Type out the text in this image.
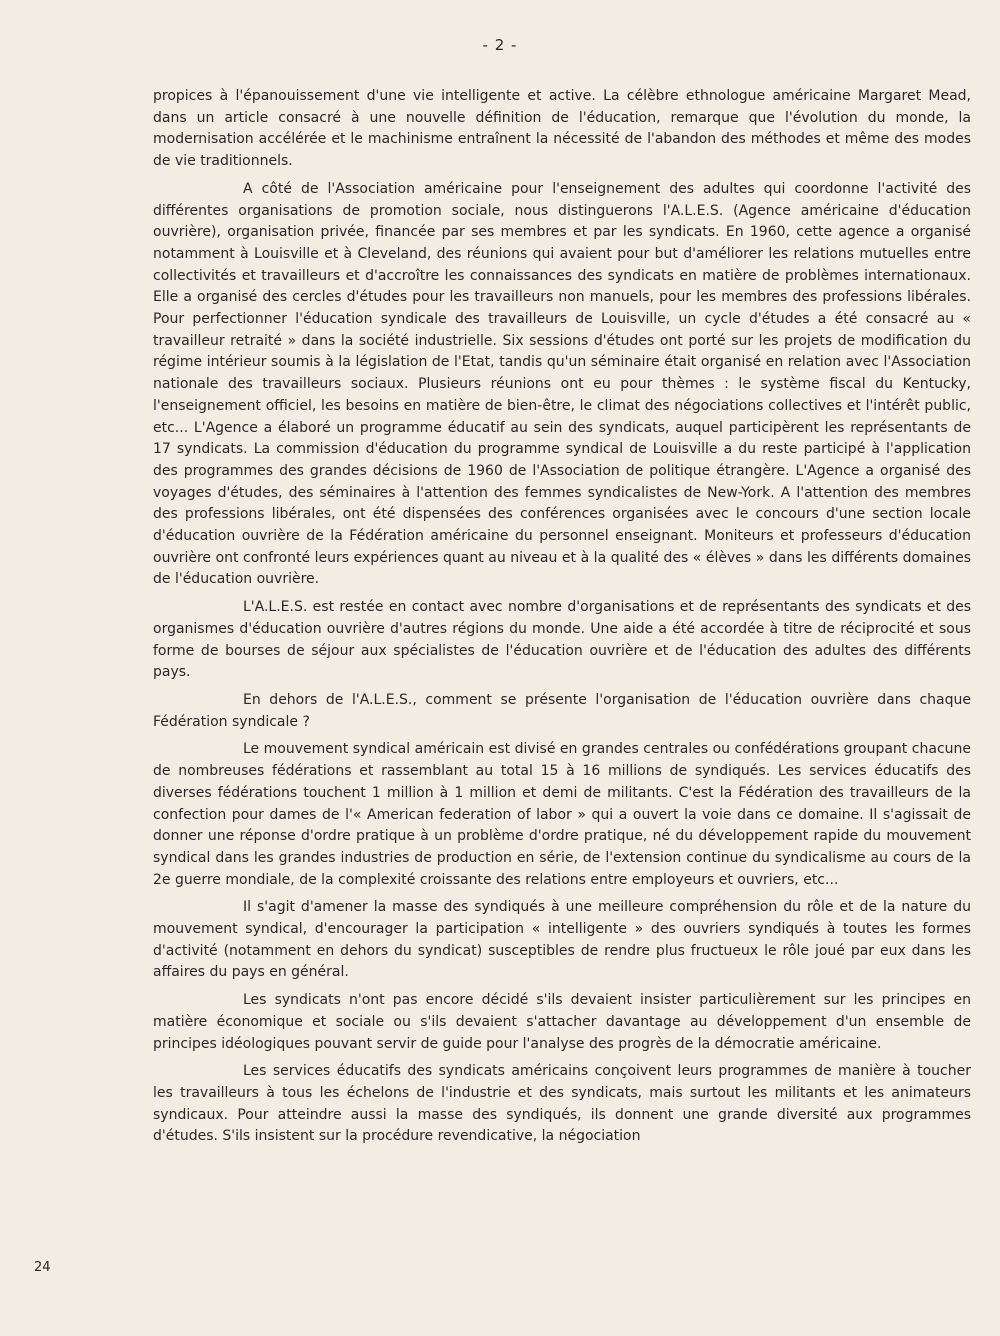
- 2 -

propices à l'épanouissement d'une vie intelligente et active. La célèbre ethnologue américaine Margaret Mead, dans un article consacré à une nouvelle définition de l'éducation, remarque que l'évolution du monde, la modernisation accélérée et le machinisme entraînent la nécessité de l'abandon des méthodes et même des modes de vie traditionnels.

A côté de l'Association américaine pour l'enseignement des adultes qui coordonne l'activité des différentes organisations de promotion sociale, nous distinguerons l'A.L.E.S. (Agence américaine d'éducation ouvrière), organisation privée, financée par ses membres et par les syndicats. En 1960, cette agence a organisé notamment à Louisville et à Cleveland, des réunions qui avaient pour but d'améliorer les relations mutuelles entre collectivités et travailleurs et d'accroître les connaissances des syndicats en matière de problèmes internationaux. Elle a organisé des cercles d'études pour les travailleurs non manuels, pour les membres des professions libérales. Pour perfectionner l'éducation syndicale des travailleurs de Louisville, un cycle d'études a été consacré au « travailleur retraité » dans la société industrielle. Six sessions d'études ont porté sur les projets de modification du régime intérieur soumis à la législation de l'Etat, tandis qu'un séminaire était organisé en relation avec l'Association nationale des travailleurs sociaux. Plusieurs réunions ont eu pour thèmes : le système fiscal du Kentucky, l'enseignement officiel, les besoins en matière de bien-être, le climat des négociations collectives et l'intérêt public, etc... L'Agence a élaboré un programme éducatif au sein des syndicats, auquel participèrent les représentants de 17 syndicats. La commission d'éducation du programme syndical de Louisville a du reste participé à l'application des programmes des grandes décisions de 1960 de l'Association de politique étrangère. L'Agence a organisé des voyages d'études, des séminaires à l'attention des femmes syndicalistes de New-York. A l'attention des membres des professions libérales, ont été dispensées des conférences organisées avec le concours d'une section locale d'éducation ouvrière de la Fédération américaine du personnel enseignant. Moniteurs et professeurs d'éducation ouvrière ont confronté leurs expériences quant au niveau et à la qualité des « élèves » dans les différents domaines de l'éducation ouvrière.

L'A.L.E.S. est restée en contact avec nombre d'organisations et de représentants des syndicats et des organismes d'éducation ouvrière d'autres régions du monde. Une aide a été accordée à titre de réciprocité et sous forme de bourses de séjour aux spécialistes de l'éducation ouvrière et de l'éducation des adultes des différents pays.

En dehors de l'A.L.E.S., comment se présente l'organisation de l'éducation ouvrière dans chaque Fédération syndicale ?

Le mouvement syndical américain est divisé en grandes centrales ou confédérations groupant chacune de nombreuses fédérations et rassemblant au total 15 à 16 millions de syndiqués. Les services éducatifs des diverses fédérations touchent 1 million à 1 million et demi de militants. C'est la Fédération des travailleurs de la confection pour dames de l'« American federation of labor » qui a ouvert la voie dans ce domaine. Il s'agissait de donner une réponse d'ordre pratique à un problème d'ordre pratique, né du développement rapide du mouvement syndical dans les grandes industries de production en série, de l'extension continue du syndicalisme au cours de la 2e guerre mondiale, de la complexité croissante des relations entre employeurs et ouvriers, etc...

Il s'agit d'amener la masse des syndiqués à une meilleure compréhension du rôle et de la nature du mouvement syndical, d'encourager la participation « intelligente » des ouvriers syndiqués à toutes les formes d'activité (notamment en dehors du syndicat) susceptibles de rendre plus fructueux le rôle joué par eux dans les affaires du pays en général.

Les syndicats n'ont pas encore décidé s'ils devaient insister particulièrement sur les principes en matière économique et sociale ou s'ils devaient s'attacher davantage au développement d'un ensemble de principes idéologiques pouvant servir de guide pour l'analyse des progrès de la démocratie américaine.

Les services éducatifs des syndicats américains conçoivent leurs programmes de manière à toucher les travailleurs à tous les échelons de l'industrie et des syndicats, mais surtout les militants et les animateurs syndicaux. Pour atteindre aussi la masse des syndiqués, ils donnent une grande diversité aux programmes d'études. S'ils insistent sur la procédure revendicative, la négociation

24
